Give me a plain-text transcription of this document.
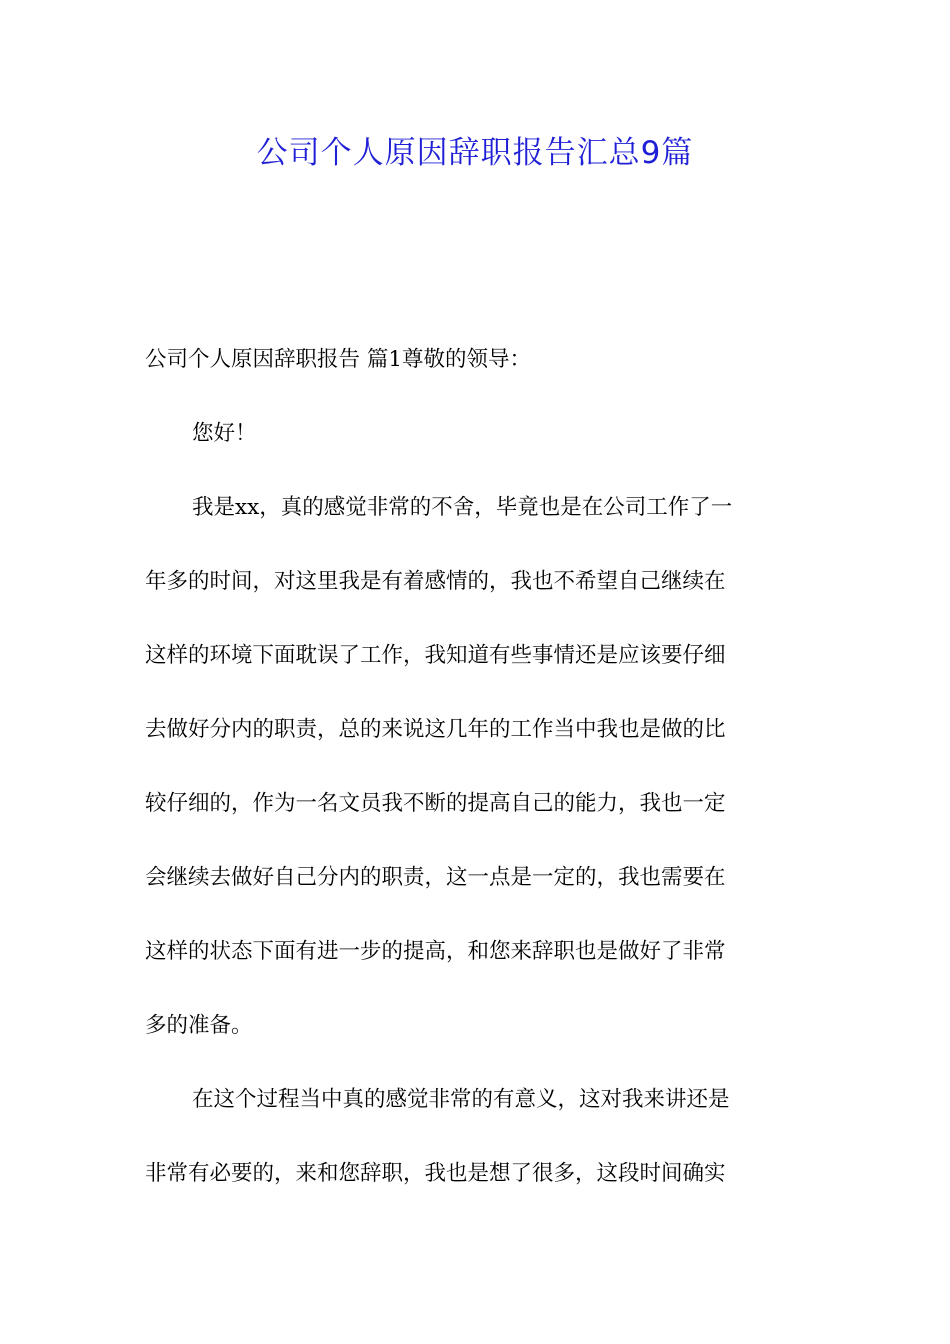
公司个人原因辞职报告汇总9篇
公司个人原因辞职报告 篇1尊敬的领导：
您好！
我是xx，真的感觉非常的不舍，毕竟也是在公司工作了一
年多的时间，对这里我是有着感情的，我也不希望自己继续在
这样的环境下面耽误了工作，我知道有些事情还是应该要仔细
去做好分内的职责，总的来说这几年的工作当中我也是做的比
较仔细的，作为一名文员我不断的提高自己的能力，我也一定
会继续去做好自己分内的职责，这一点是一定的，我也需要在
这样的状态下面有进一步的提高，和您来辞职也是做好了非常
多的准备。
在这个过程当中真的感觉非常的有意义，这对我来讲还是
非常有必要的，来和您辞职，我也是想了很多，这段时间确实
